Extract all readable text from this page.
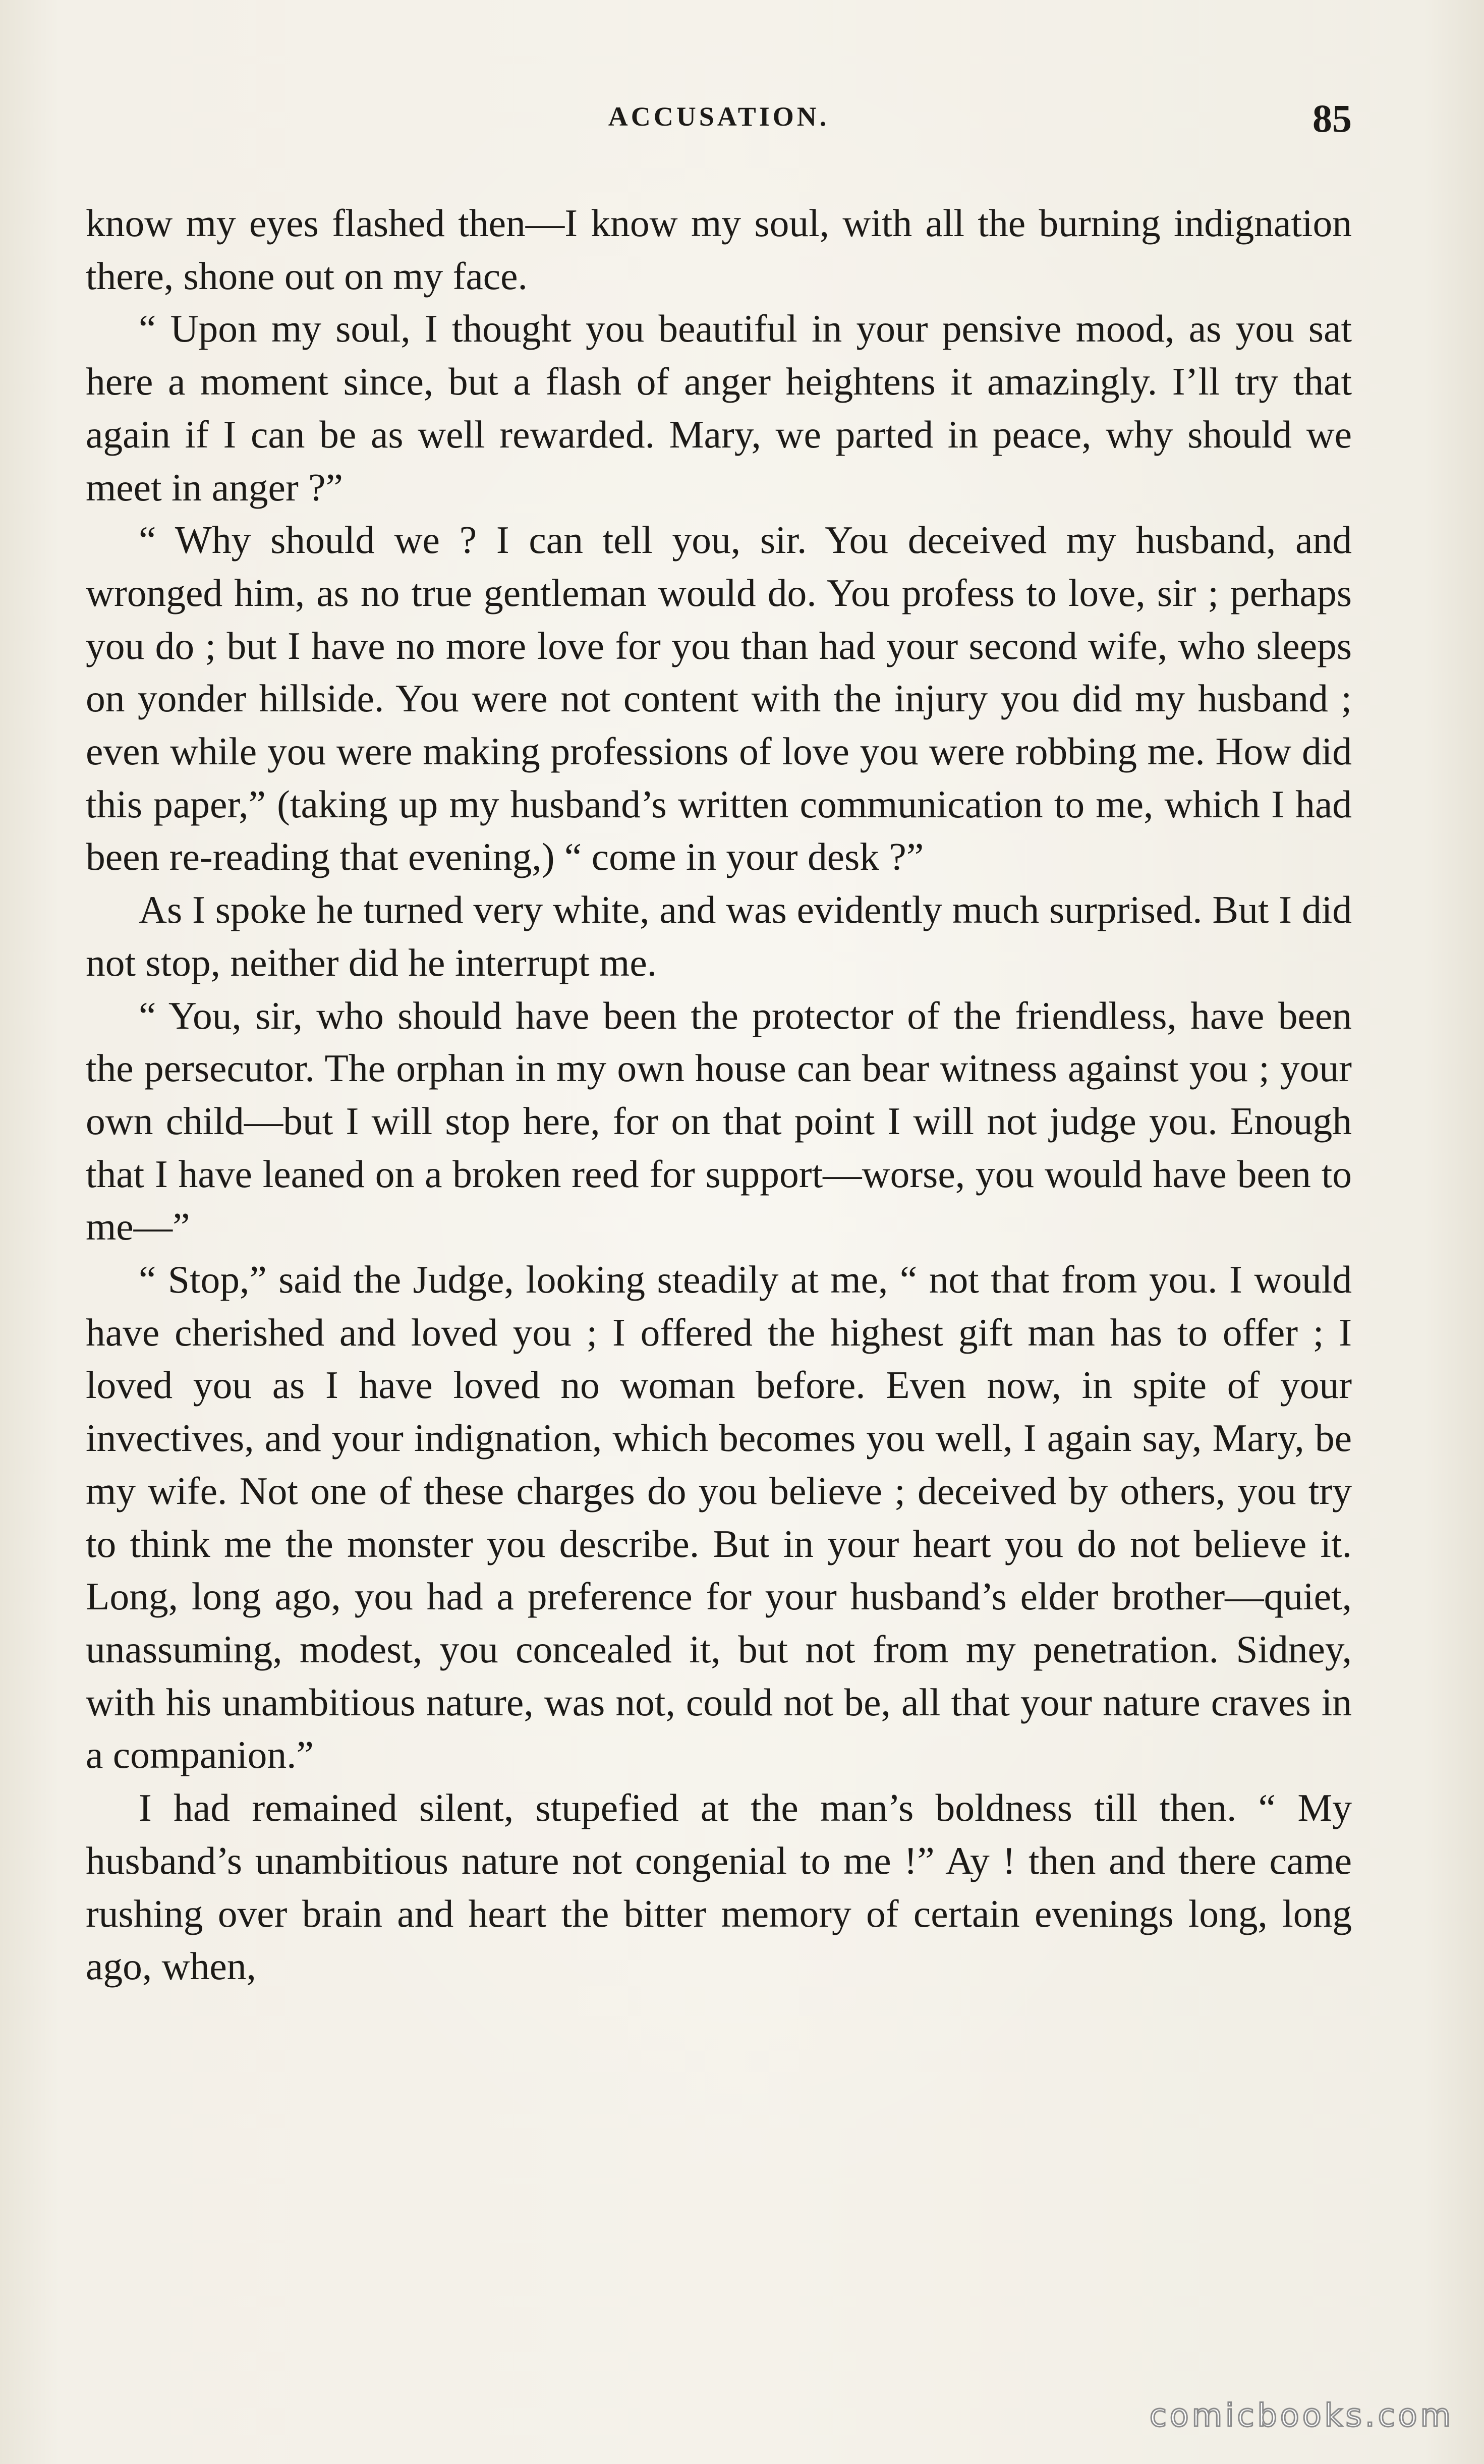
ACCUSATION.	85

know my eyes flashed then—I know my soul, with all the burning indignation there, shone out on my face.

“ Upon my soul, I thought you beautiful in your pensive mood, as you sat here a moment since, but a flash of anger heightens it amazingly. I’ll try that again if I can be as well rewarded. Mary, we parted in peace, why should we meet in anger ?”

“ Why should we ? I can tell you, sir. You deceived my husband, and wronged him, as no true gentleman would do. You profess to love, sir ; perhaps you do ; but I have no more love for you than had your second wife, who sleeps on yonder hillside. You were not content with the injury you did my husband ; even while you were making professions of love you were robbing me. How did this paper,” (taking up my husband’s written communication to me, which I had been re-reading that evening,) “ come in your desk ?”

As I spoke he turned very white, and was evidently much surprised. But I did not stop, neither did he interrupt me.

“ You, sir, who should have been the protector of the friendless, have been the persecutor. The orphan in my own house can bear witness against you ; your own child—but I will stop here, for on that point I will not judge you. Enough that I have leaned on a broken reed for support—worse, you would have been to me—”

“ Stop,” said the Judge, looking steadily at me, “ not that from you. I would have cherished and loved you ; I offered the highest gift man has to offer ; I loved you as I have loved no woman before. Even now, in spite of your invectives, and your indignation, which becomes you well, I again say, Mary, be my wife. Not one of these charges do you believe ; deceived by others, you try to think me the monster you describe. But in your heart you do not believe it. Long, long ago, you had a preference for your husband’s elder brother—quiet, unassuming, modest, you concealed it, but not from my penetration. Sidney, with his unambitious nature, was not, could not be, all that your nature craves in a companion.”

I had remained silent, stupefied at the man’s boldness till then. “ My husband’s unambitious nature not congenial to me !” Ay ! then and there came rushing over brain and heart the bitter memory of certain evenings long, long ago, when,

comicbooks.com
